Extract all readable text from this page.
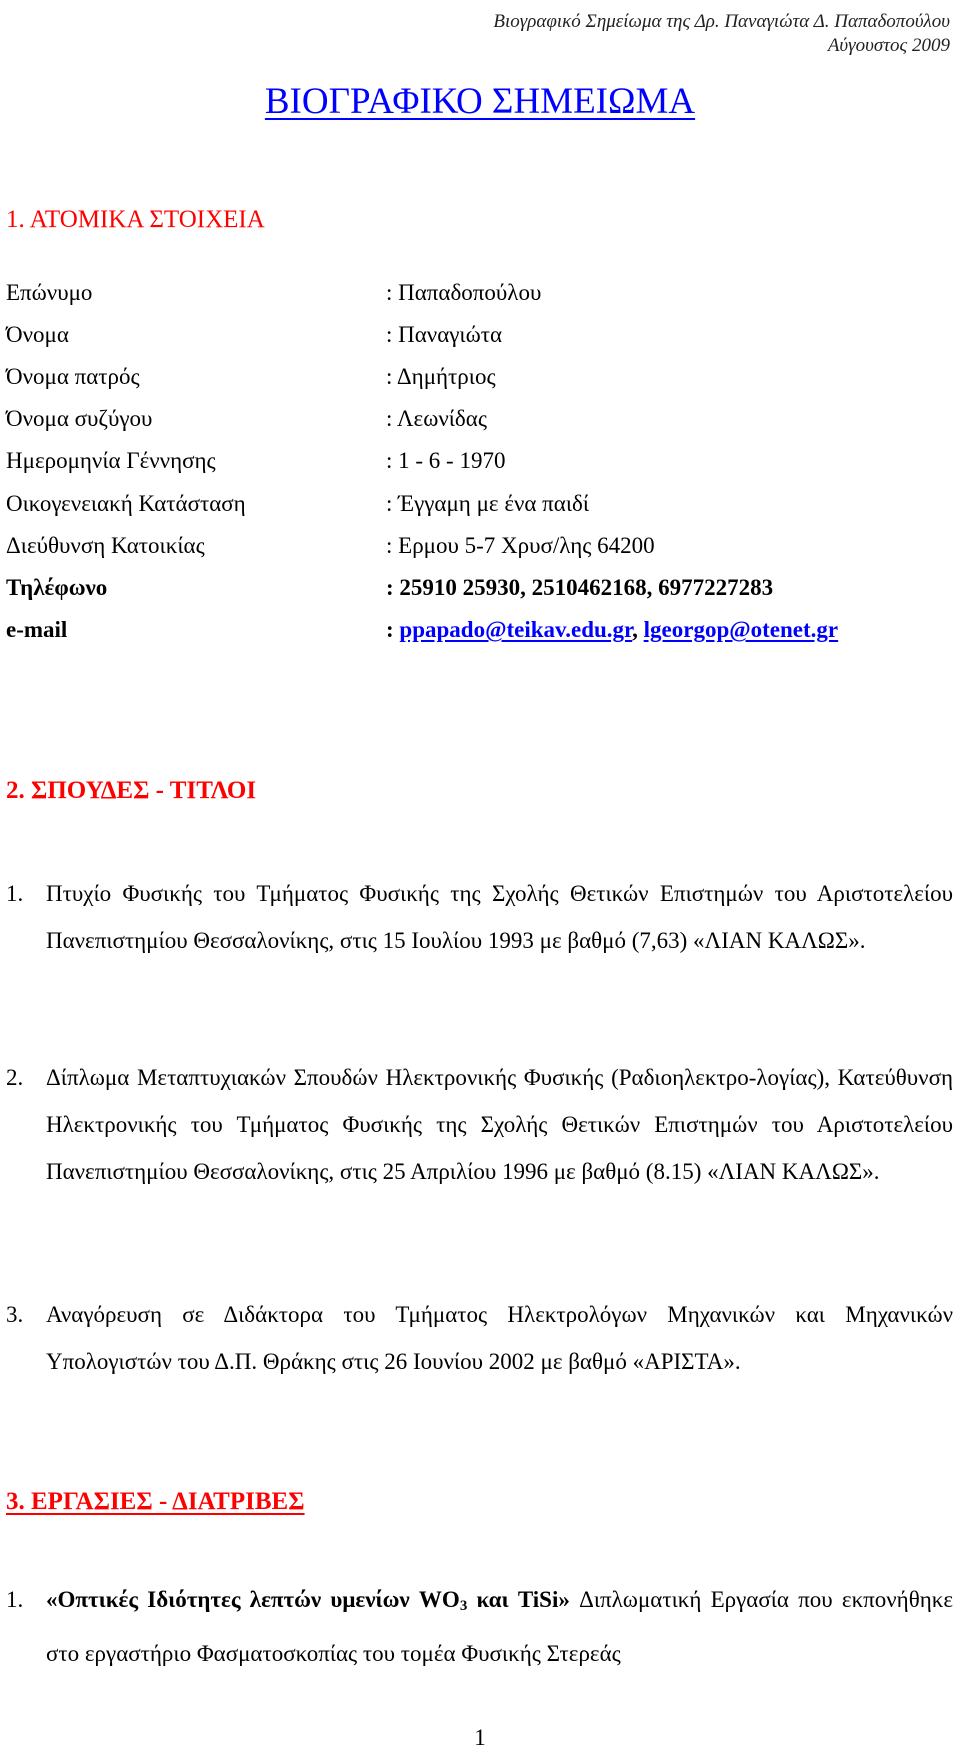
Βιογραφικό Σημείωμα της Δρ. Παναγιώτα Δ. Παπαδοπούλου
Αύγουστος 2009
ΒΙΟΓΡΑΦΙΚΟ ΣΗΜΕΙΩΜΑ
1. ΑΤΟΜΙΚΑ ΣΤΟΙΧΕΙΑ
Επώνυμο	: Παπαδοπούλου
Όνομα	: Παναγιώτα
Όνομα πατρός	: Δημήτριος
Όνομα συζύγου	: Λεωνίδας
Ημερομηνία Γέννησης	: 1 - 6 - 1970
Οικογενειακή Κατάσταση	: Έγγαμη με ένα παιδί
Διεύθυνση Κατοικίας	: Ερμου 5-7 Χρυσ/λης 64200
Τηλέφωνο	: 25910 25930, 2510462168, 6977227283
e-mail	: ppapado@teikav.edu.gr, lgeorgop@otenet.gr
2. ΣΠΟΥΔΕΣ - ΤΙΤΛΟΙ
1. Πτυχίο Φυσικής του Τμήματος Φυσικής της Σχολής Θετικών Επιστημών του Αριστοτελείου Πανεπιστημίου Θεσσαλονίκης, στις 15 Ιουλίου 1993 με βαθμό (7,63) «ΛΙΑΝ ΚΑΛΩΣ».
2. Δίπλωμα Μεταπτυχιακών Σπουδών Ηλεκτρονικής Φυσικής (Ραδιοηλεκτρο-λογίας), Κατεύθυνση Ηλεκτρονικής του Τμήματος Φυσικής της Σχολής Θετικών Επιστημών του Αριστοτελείου Πανεπιστημίου Θεσσαλονίκης, στις 25 Απριλίου 1996 με βαθμό (8.15) «ΛΙΑΝ ΚΑΛΩΣ».
3. Αναγόρευση σε Διδάκτορα του Τμήματος Ηλεκτρολόγων Μηχανικών και Μηχανικών Υπολογιστών του Δ.Π. Θράκης στις 26 Ιουνίου 2002 με βαθμό «ΑΡΙΣΤΑ».
3. ΕΡΓΑΣΙΕΣ - ΔΙΑΤΡΙΒΕΣ
1. «Οπτικές Ιδιότητες λεπτών υμενίων $WO_3$ και TiSi» Διπλωματική Εργασία που εκπονήθηκε στο εργαστήριο Φασματοσκοπίας του τομέα Φυσικής Στερεάς
1
